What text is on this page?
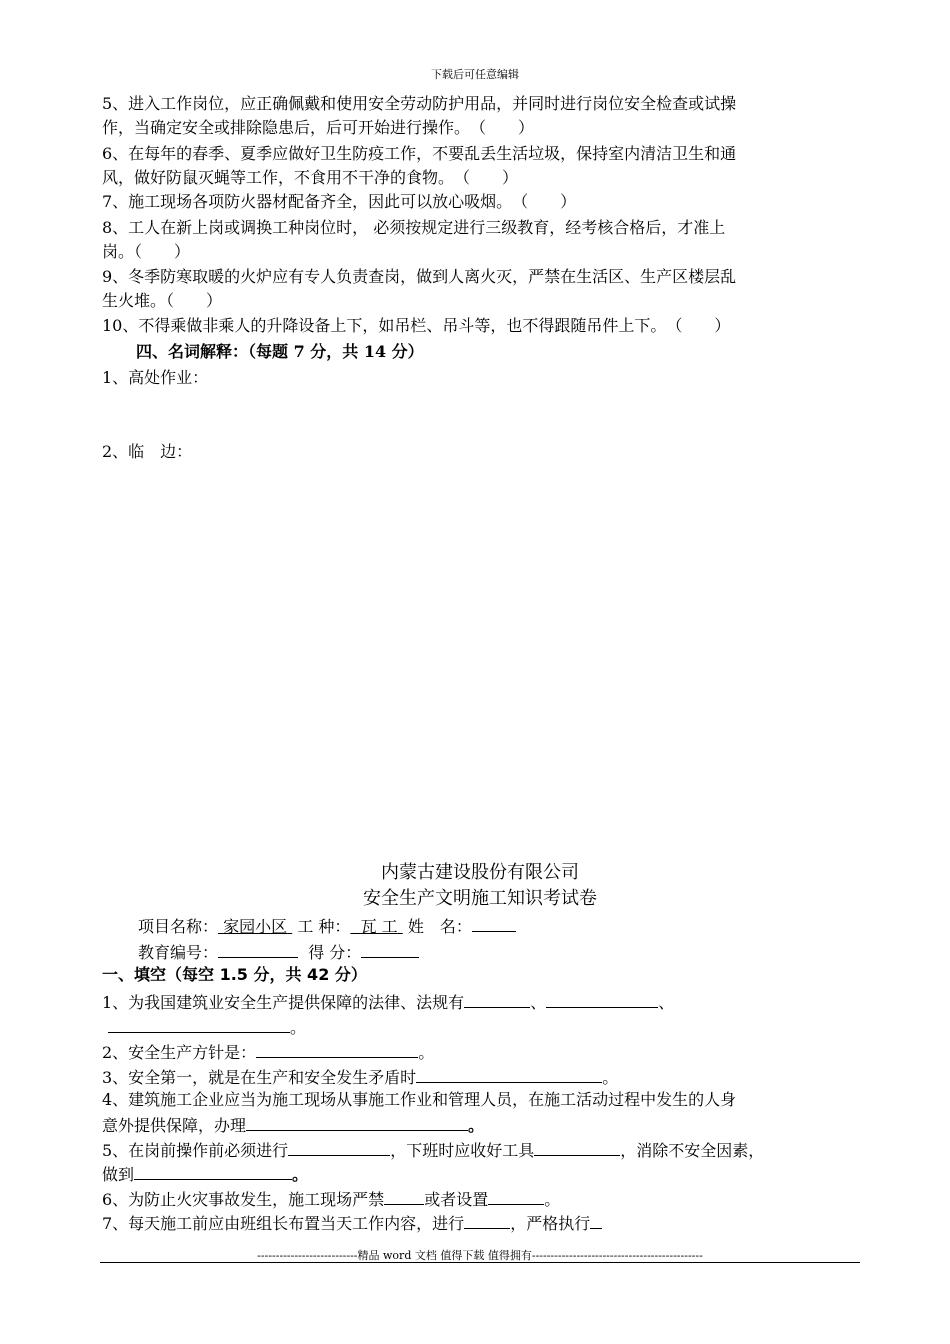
下载后可任意编辑
5、进入工作岗位，应正确佩戴和使用安全劳动防护用品，并同时进行岗位安全检查或试操
作，当确定安全或排除隐患后，后可开始进行操作。　（　　）
6、在每年的春季、夏季应做好卫生防疫工作，不要乱丢生活垃圾，保持室内清洁卫生和通
风，做好防鼠灭蝇等工作，不食用不干净的食物。　（　　）
7、施工现场各项防火器材配备齐全，因此可以放心吸烟。　（　　）
8、工人在新上岗或调换工种岗位时， 必须按规定进行三级教育，经考核合格后，才准上
岗。（　　）
9、冬季防寒取暖的火炉应有专人负责查岗，做到人离火灭，严禁在生活区、生产区楼层乱
生火堆。（　　）
10、不得乘做非乘人的升降设备上下，如吊栏、吊斗等，也不得跟随吊件上下。　（　　）
四、名词解释：（每题 7 分，共 14 分）
1、高处作业：
2、临　边：
内蒙古建设股份有限公司
安全生产文明施工知识考试卷
项目名称： 家园小区 工 种： 瓦 工 姓　名：
教育编号：	得 分：
一、填空（每空 1.5 分，共 42 分）
1、为我国建筑业安全生产提供保障的法律、法规有	、	、
。
2、安全生产方针是：	。
3、安全第一，就是在生产和安全发生矛盾时	。
4、建筑施工企业应当为施工现场从事施工作业和管理人员，在施工活动过程中发生的人身
意外提供保障，办理	。
5、在岗前操作前必须进行	，下班时应收好工具	，消除不安全因素，
做到	。
6、为防止火灾事故发生，施工现场严禁	或者设置	。
7、每天施工前应由班组长布置当天工作内容，进行	，严格执行
---------------------------精品 word 文档 值得下载 值得拥有----------------------------------------------
